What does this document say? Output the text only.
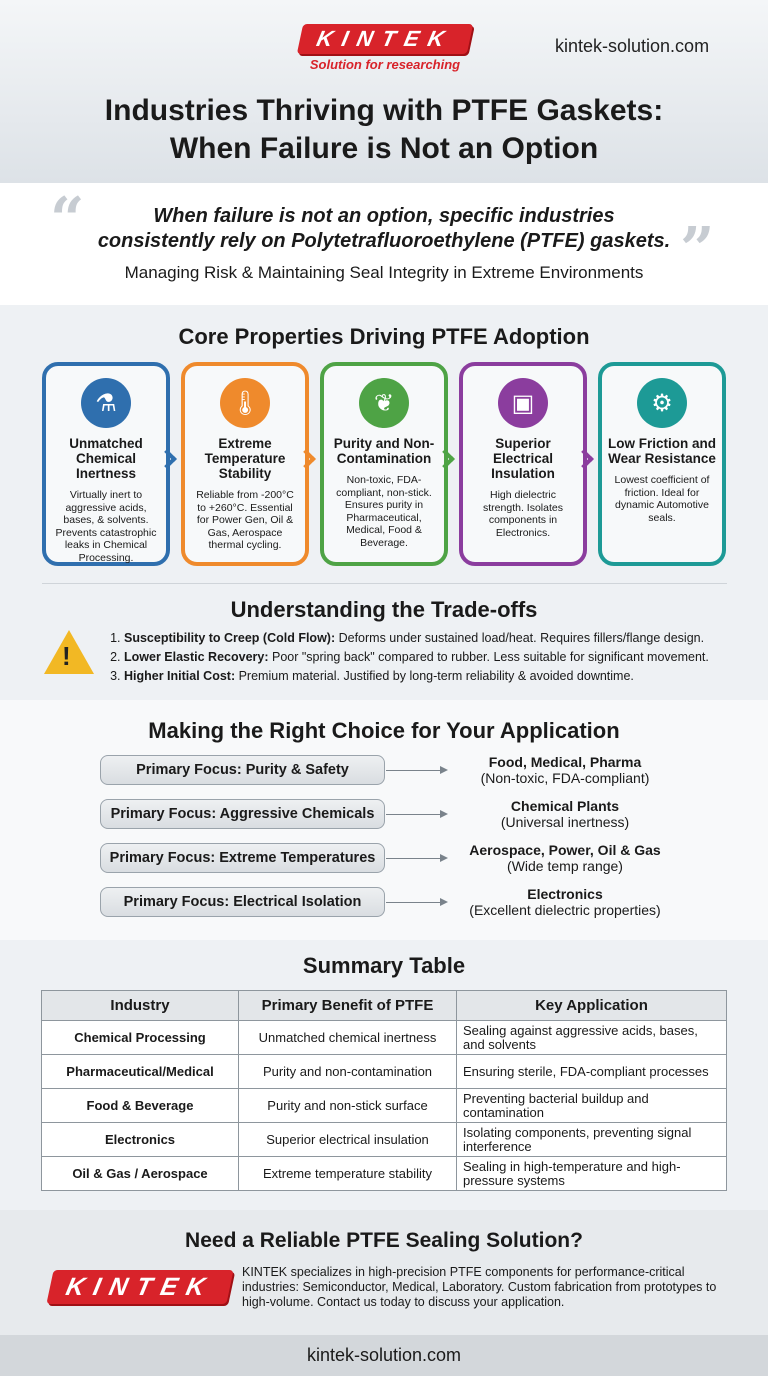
KINTEK
Solution for researching
kintek-solution.com
Industries Thriving with PTFE Gaskets:
When Failure is Not an Option
“	”
When failure is not an option, specific industries
consistently rely on Polytetrafluoroethylene (PTFE) gaskets.
Managing Risk & Maintaining Seal Integrity in Extreme Environments
Core Properties Driving PTFE Adoption
⚗
Unmatched Chemical Inertness
Virtually inert to aggressive acids, bases, & solvents. Prevents catastrophic leaks in Chemical Processing.
🌡
Extreme Temperature Stability
Reliable from -200°C to +260°C. Essential for Power Gen, Oil & Gas, Aerospace thermal cycling.
❦
Purity and Non-Contamination
Non-toxic, FDA-compliant, non-stick. Ensures purity in Pharmaceutical, Medical, Food & Beverage.
▣
Superior Electrical Insulation
High dielectric strength. Isolates components in Electronics.
⚙
Low Friction and Wear Resistance
Lowest coefficient of friction. Ideal for dynamic Automotive seals.
Understanding the Trade-offs
!
1. Susceptibility to Creep (Cold Flow): Deforms under sustained load/heat. Requires fillers/flange design.
2. Lower Elastic Recovery: Poor "spring back" compared to rubber. Less suitable for significant movement.
3. Higher Initial Cost: Premium material. Justified by long-term reliability & avoided downtime.
Making the Right Choice for Your Application
Primary Focus: Purity & Safety	Food, Medical, Pharma
(Non-toxic, FDA-compliant)
Primary Focus: Aggressive Chemicals	Chemical Plants
(Universal inertness)
Primary Focus: Extreme Temperatures	Aerospace, Power, Oil & Gas
(Wide temp range)
Primary Focus: Electrical Isolation	Electronics
(Excellent dielectric properties)
Summary Table
Industry	Primary Benefit of PTFE	Key Application
Chemical Processing	Unmatched chemical inertness	Sealing against aggressive acids, bases, and solvents
Pharmaceutical/Medical	Purity and non-contamination	Ensuring sterile, FDA-compliant processes
Food & Beverage	Purity and non-stick surface	Preventing bacterial buildup and contamination
Electronics	Superior electrical insulation	Isolating components, preventing signal interference
Oil & Gas / Aerospace	Extreme temperature stability	Sealing in high-temperature and high-pressure systems
Need a Reliable PTFE Sealing Solution?
KINTEK
KINTEK specializes in high-precision PTFE components for performance-critical industries: Semiconductor, Medical, Laboratory. Custom fabrication from prototypes to high-volume. Contact us today to discuss your application.
kintek-solution.com
